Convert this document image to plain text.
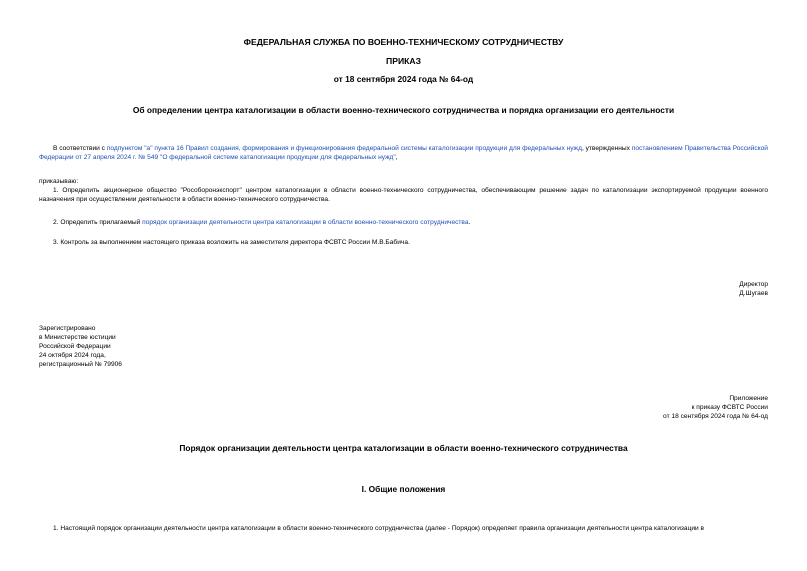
ФЕДЕРАЛЬНАЯ СЛУЖБА ПО ВОЕННО-ТЕХНИЧЕСКОМУ СОТРУДНИЧЕСТВУ
ПРИКАЗ
от 18 сентября 2024 года № 64-од
Об определении центра каталогизации в области военно-технического сотрудничества и порядка организации его деятельности
В соответствии с подпунктом "а" пункта 16 Правил создания, формирования и функционирования федеральной системы каталогизации продукции для федеральных нужд, утвержденных постановлением Правительства Российской Федерации от 27 апреля 2024 г. № 549 "О федеральной системе каталогизации продукции для федеральных нужд",
приказываю:
1. Определить акционерное общество "Рособоронэкспорт" центром каталогизации в области военно-технического сотрудничества, обеспечивающим решение задач по каталогизации экспортируемой продукции военного назначения при осуществлении деятельности в области военно-технического сотрудничества.
2. Определить прилагаемый порядок организации деятельности центра каталогизации в области военно-технического сотрудничества.
3. Контроль за выполнением настоящего приказа возложить на заместителя директора ФСВТС России М.В.Бабича.
Директор
Д.Шугаев
Зарегистрировано
в Министерстве юстиции
Российской Федерации
24 октября 2024 года,
регистрационный № 79906
Приложение
к приказу ФСВТС России
от 18 сентября 2024 года № 64-од
Порядок организации деятельности центра каталогизации в области военно-технического сотрудничества
I. Общие положения
1. Настоящий порядок организации деятельности центра каталогизации в области военно-технического сотрудничества (далее - Порядок) определяет правила организации деятельности центра каталогизации в
